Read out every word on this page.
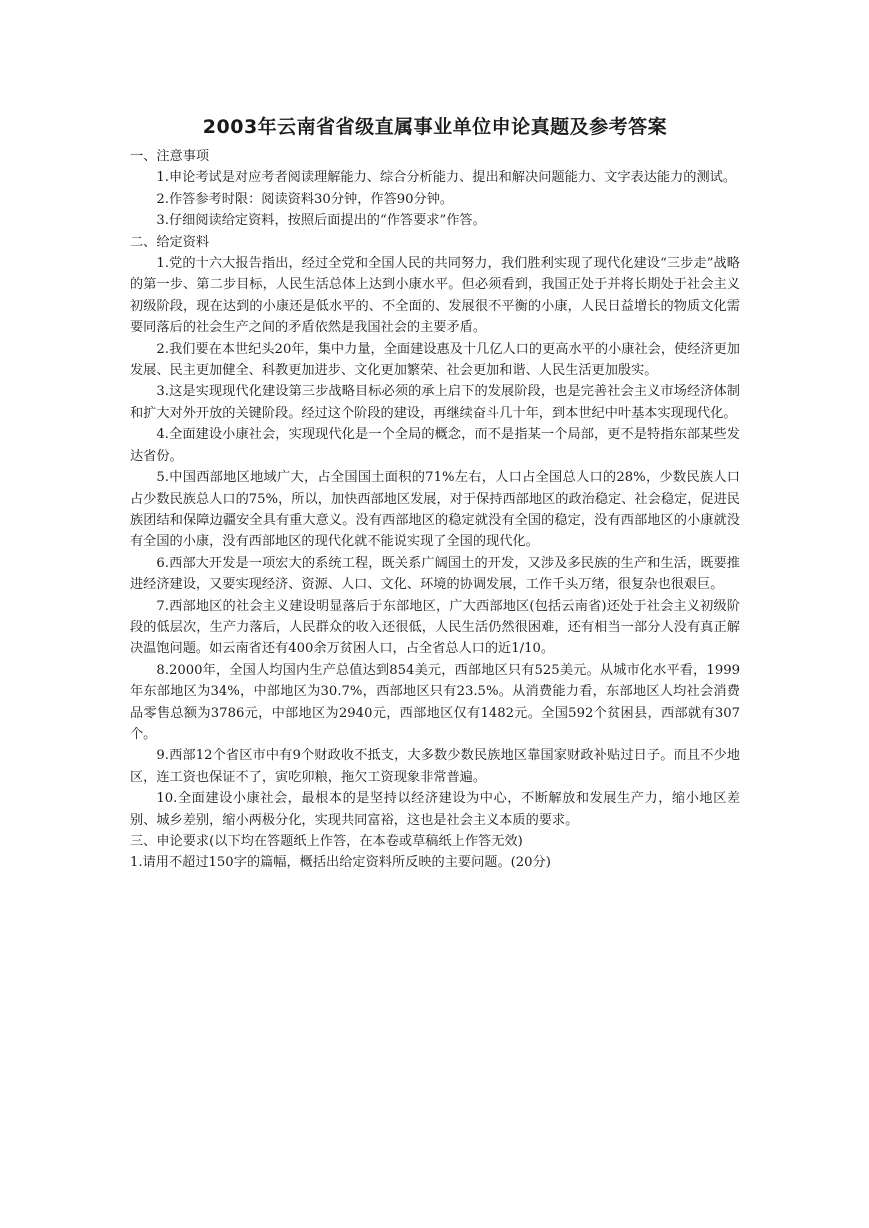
2003年云南省省级直属事业单位申论真题及参考答案

一、注意事项

1.申论考试是对应考者阅读理解能力、综合分析能力、提出和解决问题能力、文字表达能力的测试。

2.作答参考时限：阅读资料30分钟，作答90分钟。

3.仔细阅读给定资料，按照后面提出的“作答要求”作答。

二、给定资料

1.党的十六大报告指出，经过全党和全国人民的共同努力，我们胜利实现了现代化建设“三步走”战略的第一步、第二步目标，人民生活总体上达到小康水平。但必须看到，我国正处于并将长期处于社会主义初级阶段，现在达到的小康还是低水平的、不全面的、发展很不平衡的小康，人民日益增长的物质文化需要同落后的社会生产之间的矛盾依然是我国社会的主要矛盾。

2.我们要在本世纪头20年，集中力量，全面建设惠及十几亿人口的更高水平的小康社会，使经济更加发展、民主更加健全、科教更加进步、文化更加繁荣、社会更加和谐、人民生活更加殷实。

3.这是实现现代化建设第三步战略目标必须的承上启下的发展阶段，也是完善社会主义市场经济体制和扩大对外开放的关键阶段。经过这个阶段的建设，再继续奋斗几十年，到本世纪中叶基本实现现代化。

4.全面建设小康社会，实现现代化是一个全局的概念，而不是指某一个局部，更不是特指东部某些发达省份。

5.中国西部地区地域广大，占全国国土面积的71%左右，人口占全国总人口的28%，少数民族人口占少数民族总人口的75%，所以，加快西部地区发展，对于保持西部地区的政治稳定、社会稳定，促进民族团结和保障边疆安全具有重大意义。没有西部地区的稳定就没有全国的稳定，没有西部地区的小康就没有全国的小康，没有西部地区的现代化就不能说实现了全国的现代化。

6.西部大开发是一项宏大的系统工程，既关系广阔国土的开发，又涉及多民族的生产和生活，既要推进经济建设，又要实现经济、资源、人口、文化、环境的协调发展，工作千头万绪，很复杂也很艰巨。

7.西部地区的社会主义建设明显落后于东部地区，广大西部地区(包括云南省)还处于社会主义初级阶段的低层次，生产力落后，人民群众的收入还很低，人民生活仍然很困难，还有相当一部分人没有真正解决温饱问题。如云南省还有400余万贫困人口，占全省总人口的近1/10。

8.2000年，全国人均国内生产总值达到854美元，西部地区只有525美元。从城市化水平看，1999年东部地区为34%，中部地区为30.7%，西部地区只有23.5%。从消费能力看，东部地区人均社会消费品零售总额为3786元，中部地区为2940元，西部地区仅有1482元。全国592个贫困县，西部就有307个。

9.西部12个省区市中有9个财政收不抵支，大多数少数民族地区靠国家财政补贴过日子。而且不少地区，连工资也保证不了，寅吃卯粮，拖欠工资现象非常普遍。

10.全面建设小康社会，最根本的是坚持以经济建设为中心，不断解放和发展生产力，缩小地区差别、城乡差别，缩小两极分化，实现共同富裕，这也是社会主义本质的要求。

三、申论要求(以下均在答题纸上作答，在本卷或草稿纸上作答无效)

1.请用不超过150字的篇幅，概括出给定资料所反映的主要问题。(20分)
